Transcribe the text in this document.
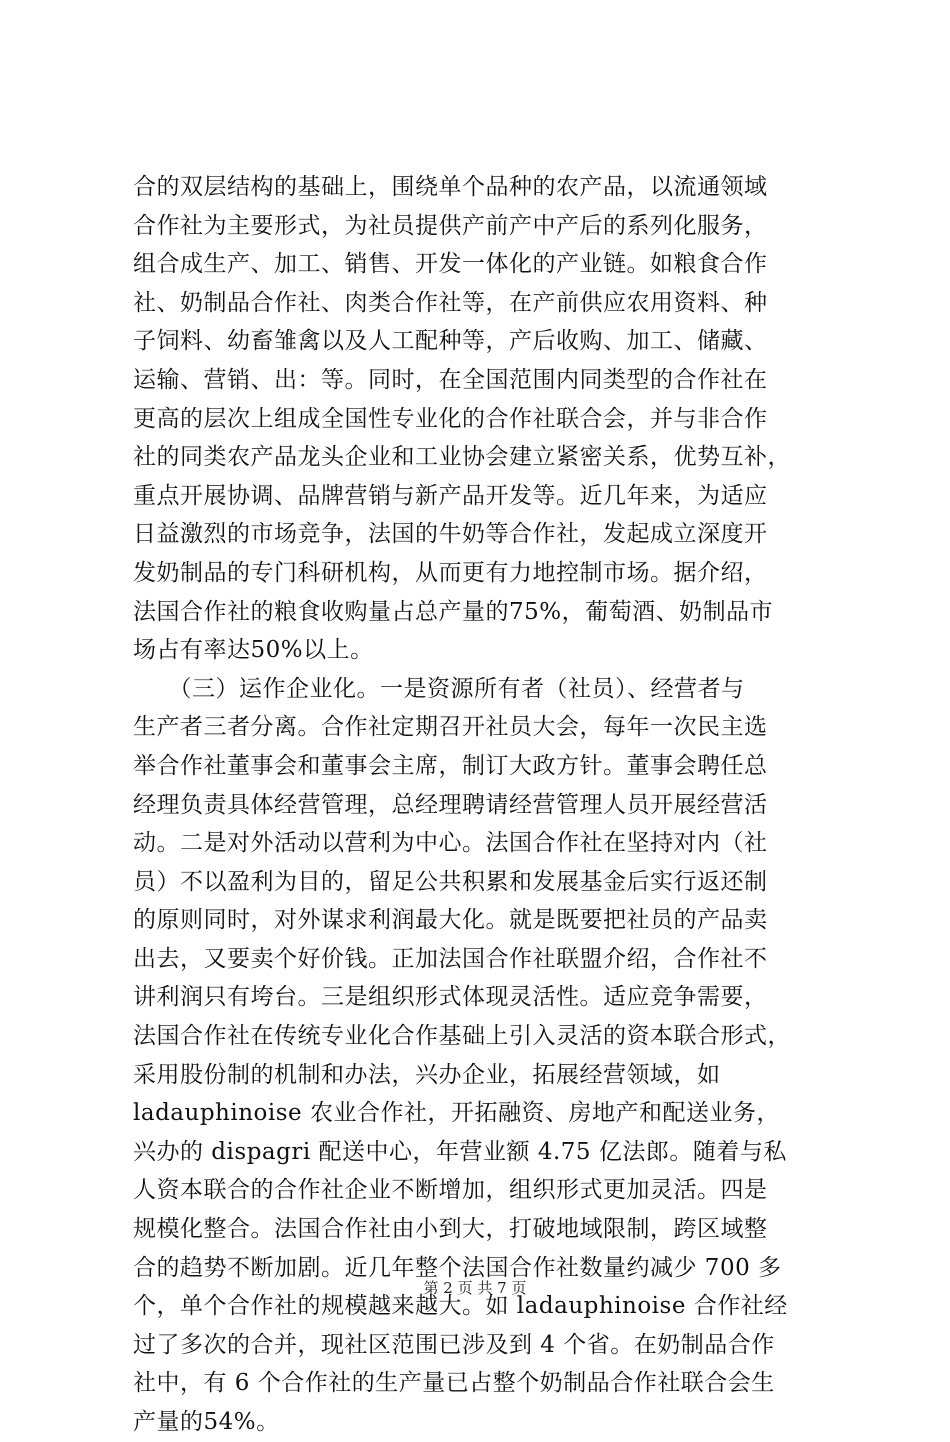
合的双层结构的基础上，围绕单个品种的农产品，以流通领域
合作社为主要形式，为社员提供产前产中产后的系列化服务，
组合成生产、加工、销售、开发一体化的产业链。如粮食合作
社、奶制品合作社、肉类合作社等，在产前供应农用资料、种
子饲料、幼畜雏禽以及人工配种等，产后收购、加工、储藏、
运输、营销、出：等。同时，在全国范围内同类型的合作社在
更高的层次上组成全国性专业化的合作社联合会，并与非合作
社的同类农产品龙头企业和工业协会建立紧密关系，优势互补，
重点开展协调、品牌营销与新产品开发等。近几年来，为适应
日益激烈的市场竞争，法国的牛奶等合作社，发起成立深度开
发奶制品的专门科研机构，从而更有力地控制市场。据介绍，
法国合作社的粮食收购量占总产量的75%，葡萄酒、奶制品市
场占有率达50%以上。
　　（三）运作企业化。一是资源所有者（社员）、经营者与
生产者三者分离。合作社定期召开社员大会，每年一次民主选
举合作社董事会和董事会主席，制订大政方针。董事会聘任总
经理负责具体经营管理，总经理聘请经营管理人员开展经营活
动。二是对外活动以营利为中心。法国合作社在坚持对内（社
员）不以盈利为目的，留足公共积累和发展基金后实行返还制
的原则同时，对外谋求利润最大化。就是既要把社员的产品卖
出去，又要卖个好价钱。正加法国合作社联盟介绍，合作社不
讲利润只有垮台。三是组织形式体现灵活性。适应竞争需要，
法国合作社在传统专业化合作基础上引入灵活的资本联合形式，
采用股份制的机制和办法，兴办企业，拓展经营领域，如
ladauphinoise 农业合作社，开拓融资、房地产和配送业务，
兴办的 dispagri 配送中心，年营业额 4.75 亿法郎。随着与私
人资本联合的合作社企业不断增加，组织形式更加灵活。四是
规模化整合。法国合作社由小到大，打破地域限制，跨区域整
合的趋势不断加剧。近几年整个法国合作社数量约减少 700 多
个，单个合作社的规模越来越大。如 ladauphinoise 合作社经
过了多次的合并，现社区范围已涉及到 4 个省。在奶制品合作
社中，有 6 个合作社的生产量已占整个奶制品合作社联合会生
产量的54%。
第 2 页 共 7 页
